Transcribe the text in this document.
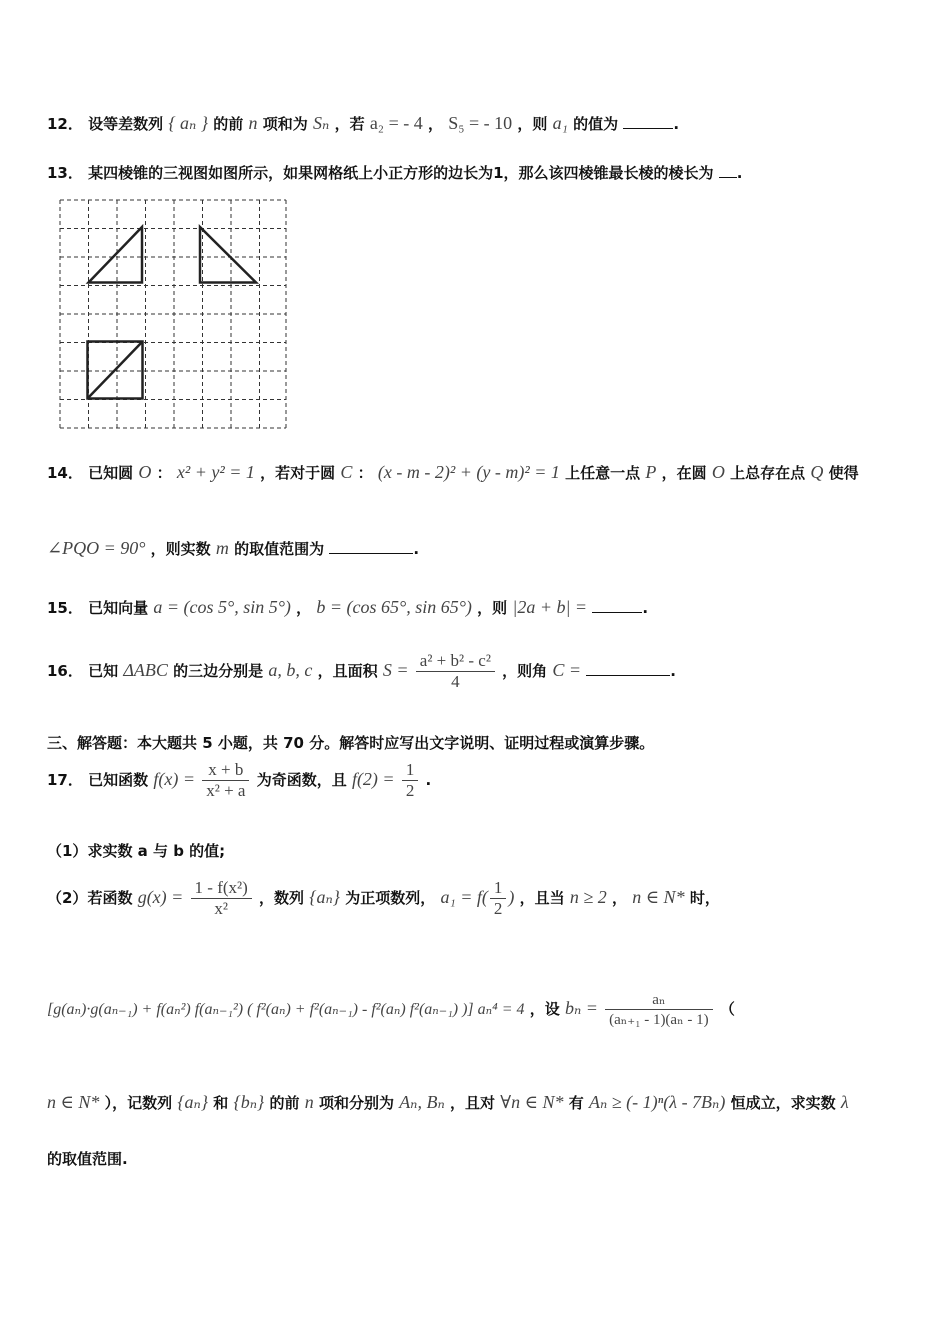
12． 设等差数列 { aₙ } 的前 n 项和为 Sₙ ，若 a₂ = - 4 ， S₅ = - 10 ，则 a₁ 的值为	.
13． 某四棱锥的三视图如图所示，如果网格纸上小正方形的边长为1，那么该四棱锥最长棱的棱长为 .
14． 已知圆 O ： x² + y² = 1 ，若对于圆 C ： (x - m - 2)² + (y - m)² = 1 上任意一点 P ，在圆 O 上总存在点 Q 使得
∠PQO = 90° ，则实数 m 的取值范围为	.
15． 已知向量 a = (cos 5°, sin 5°) ， b = (cos 65°, sin 65°) ，则 |2a + b| =	.
16． 已知 ΔABC 的三边分别是 a, b, c ，且面积 $S = \frac{\text{a² + b² - c²}}{4}$ ，则角 C =	.
三、解答题：本大题共 5 小题，共 70 分。解答时应写出文字说明、证明过程或演算步骤。
17． 已知函数 $f(x) = \frac{x + b}{\text{x² + a}}$ 为奇函数，且 $f(2) = \frac{1}{2}$ .
（1）求实数 a 与 b 的值;
（2）若函数 $g(x) = \frac{\text{1 - f(x²)}}{\text{x²}}$ ，数列 {aₙ} 为正项数列， $a_1 = f( \frac{1}{2}$ ) ，且当 n ≥ 2 ， n ∈ N* 时，
[g(aₙ)·g(aₙ₋₁) + f(aₙ²) f(aₙ₋₁²) ( f²(aₙ) + f²(aₙ₋₁) - f²(aₙ) f²(aₙ₋₁) )] aₙ⁴ = 4 ，设 $b_n = \frac{\text{aₙ}}{\text{(aₙ₊₁ - 1)(aₙ - 1)}}$ （
n ∈ N* ），记数列 {aₙ} 和 {bₙ} 的前 n 项和分别为 Aₙ, Bₙ ，且对 ∀n ∈ N* 有 Aₙ ≥ (- 1)ⁿ(λ - 7Bₙ) 恒成立，求实数 λ
的取值范围.
